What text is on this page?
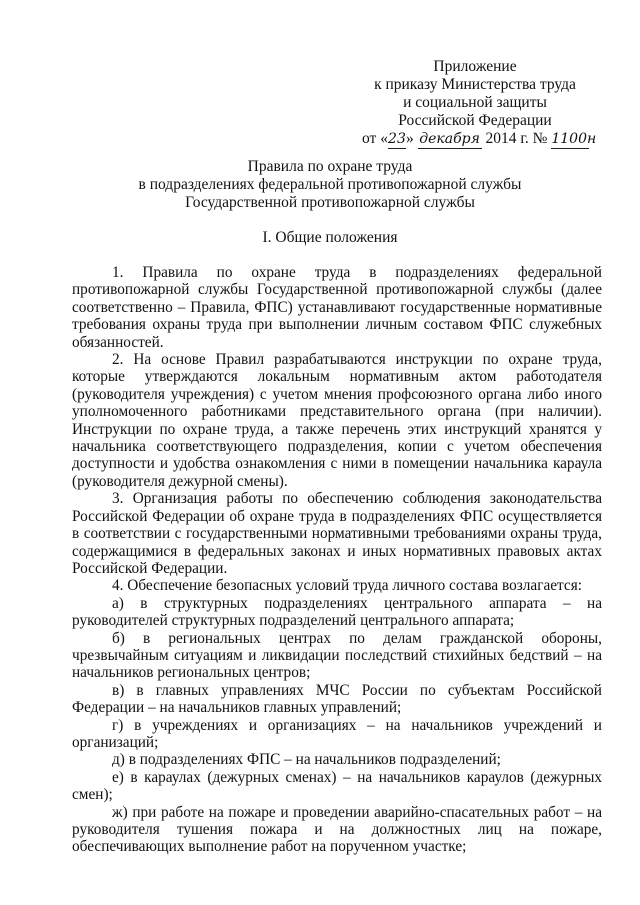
Приложение
к приказу Министерства труда
и социальной защиты
Российской Федерации
от «23» декабря 2014 г. № 1100н
Правила по охране труда
в подразделениях федеральной противопожарной службы
Государственной противопожарной службы
I. Общие положения

1. Правила по охране труда в подразделениях федеральной противопожарной службы Государственной противопожарной службы (далее соответственно – Правила, ФПС) устанавливают государственные нормативные требования охраны труда при выполнении личным составом ФПС служебных обязанностей.

2. На основе Правил разрабатываются инструкции по охране труда, которые утверждаются локальным нормативным актом работодателя (руководителя учреждения) с учетом мнения профсоюзного органа либо иного уполномоченного работниками представительного органа (при наличии). Инструкции по охране труда, а также перечень этих инструкций хранятся у начальника соответствующего подразделения, копии с учетом обеспечения доступности и удобства ознакомления с ними в помещении начальника караула (руководителя дежурной смены).

3. Организация работы по обеспечению соблюдения законодательства Российской Федерации об охране труда в подразделениях ФПС осуществляется в соответствии с государственными нормативными требованиями охраны труда, содержащимися в федеральных законах и иных нормативных правовых актах Российской Федерации.

4. Обеспечение безопасных условий труда личного состава возлагается:

а) в структурных подразделениях центрального аппарата – на руководителей структурных подразделений центрального аппарата;

б) в региональных центрах по делам гражданской обороны, чрезвычайным ситуациям и ликвидации последствий стихийных бедствий – на начальников региональных центров;

в) в главных управлениях МЧС России по субъектам Российской Федерации – на начальников главных управлений;

г) в учреждениях и организациях – на начальников учреждений и организаций;

д) в подразделениях ФПС – на начальников подразделений;

е) в караулах (дежурных сменах) – на начальников караулов (дежурных смен);

ж) при работе на пожаре и проведении аварийно-спасательных работ – на руководителя тушения пожара и на должностных лиц на пожаре, обеспечивающих выполнение работ на порученном участке;
